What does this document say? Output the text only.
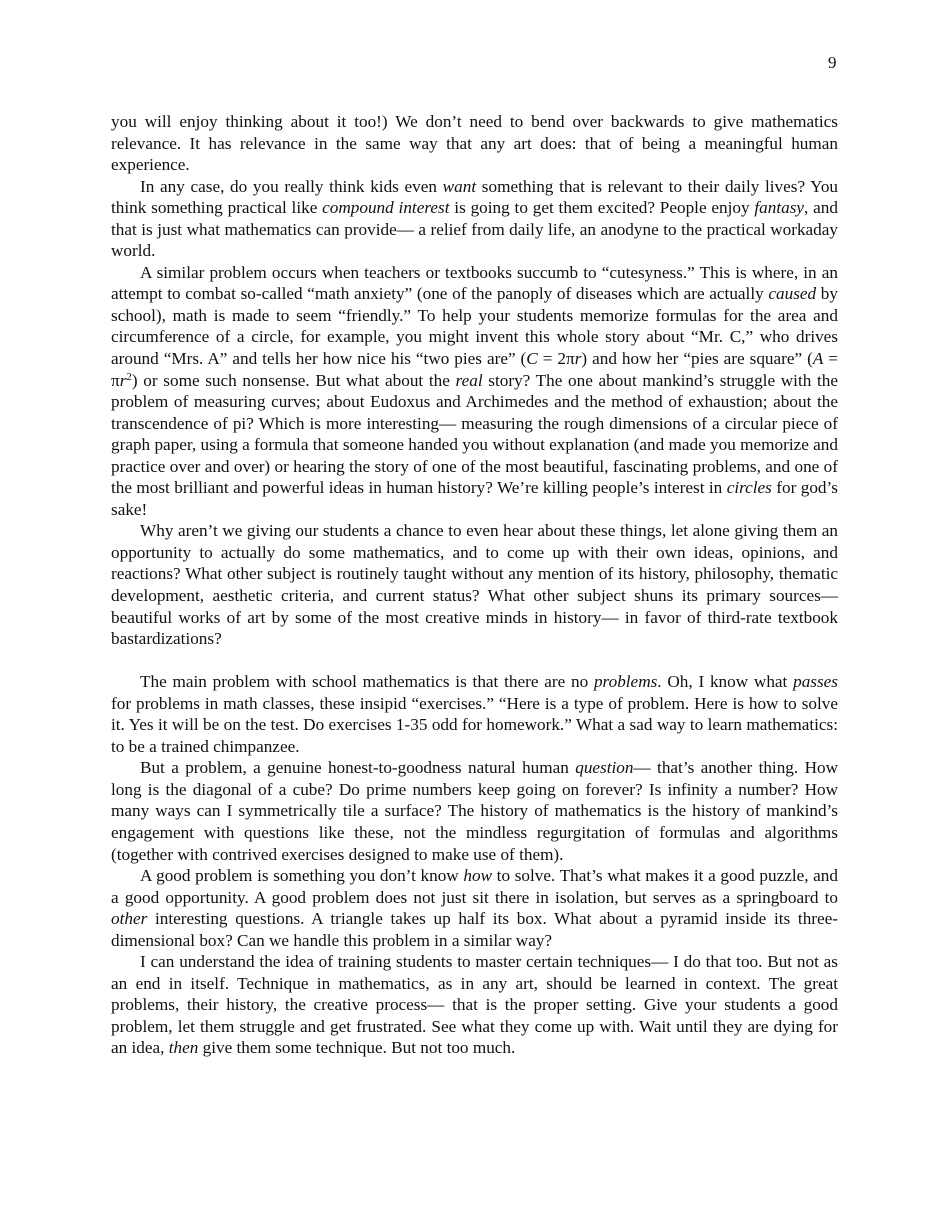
9

you will enjoy thinking about it too!) We don’t need to bend over backwards to give mathematics relevance. It has relevance in the same way that any art does: that of being a meaningful human experience.

In any case, do you really think kids even want something that is relevant to their daily lives? You think something practical like compound interest is going to get them excited? People enjoy fantasy, and that is just what mathematics can provide— a relief from daily life, an anodyne to the practical workaday world.

A similar problem occurs when teachers or textbooks succumb to “cutesyness.” This is where, in an attempt to combat so-called “math anxiety” (one of the panoply of diseases which are actually caused by school), math is made to seem “friendly.” To help your students memorize formulas for the area and circumference of a circle, for example, you might invent this whole story about “Mr. C,” who drives around “Mrs. A” and tells her how nice his “two pies are” (C = 2πr) and how her “pies are square” $(A = \pi r^2)$ or some such nonsense. But what about the real story? The one about mankind’s struggle with the problem of measuring curves; about Eudoxus and Archimedes and the method of exhaustion; about the transcendence of pi? Which is more interesting— measuring the rough dimensions of a circular piece of graph paper, using a formula that someone handed you without explanation (and made you memorize and practice over and over) or hearing the story of one of the most beautiful, fascinating problems, and one of the most brilliant and powerful ideas in human history? We’re killing people’s interest in circles for god’s sake!

Why aren’t we giving our students a chance to even hear about these things, let alone giving them an opportunity to actually do some mathematics, and to come up with their own ideas, opinions, and reactions? What other subject is routinely taught without any mention of its history, philosophy, thematic development, aesthetic criteria, and current status? What other subject shuns its primary sources— beautiful works of art by some of the most creative minds in history— in favor of third-rate textbook bastardizations?

The main problem with school mathematics is that there are no problems. Oh, I know what passes for problems in math classes, these insipid “exercises.” “Here is a type of problem. Here is how to solve it. Yes it will be on the test. Do exercises 1-35 odd for homework.” What a sad way to learn mathematics: to be a trained chimpanzee.

But a problem, a genuine honest-to-goodness natural human question— that’s another thing. How long is the diagonal of a cube? Do prime numbers keep going on forever? Is infinity a number? How many ways can I symmetrically tile a surface? The history of mathematics is the history of mankind’s engagement with questions like these, not the mindless regurgitation of formulas and algorithms (together with contrived exercises designed to make use of them).

A good problem is something you don’t know how to solve. That’s what makes it a good puzzle, and a good opportunity. A good problem does not just sit there in isolation, but serves as a springboard to other interesting questions. A triangle takes up half its box. What about a pyramid inside its three-dimensional box? Can we handle this problem in a similar way?

I can understand the idea of training students to master certain techniques— I do that too. But not as an end in itself. Technique in mathematics, as in any art, should be learned in context. The great problems, their history, the creative process— that is the proper setting. Give your students a good problem, let them struggle and get frustrated. See what they come up with. Wait until they are dying for an idea, then give them some technique. But not too much.
